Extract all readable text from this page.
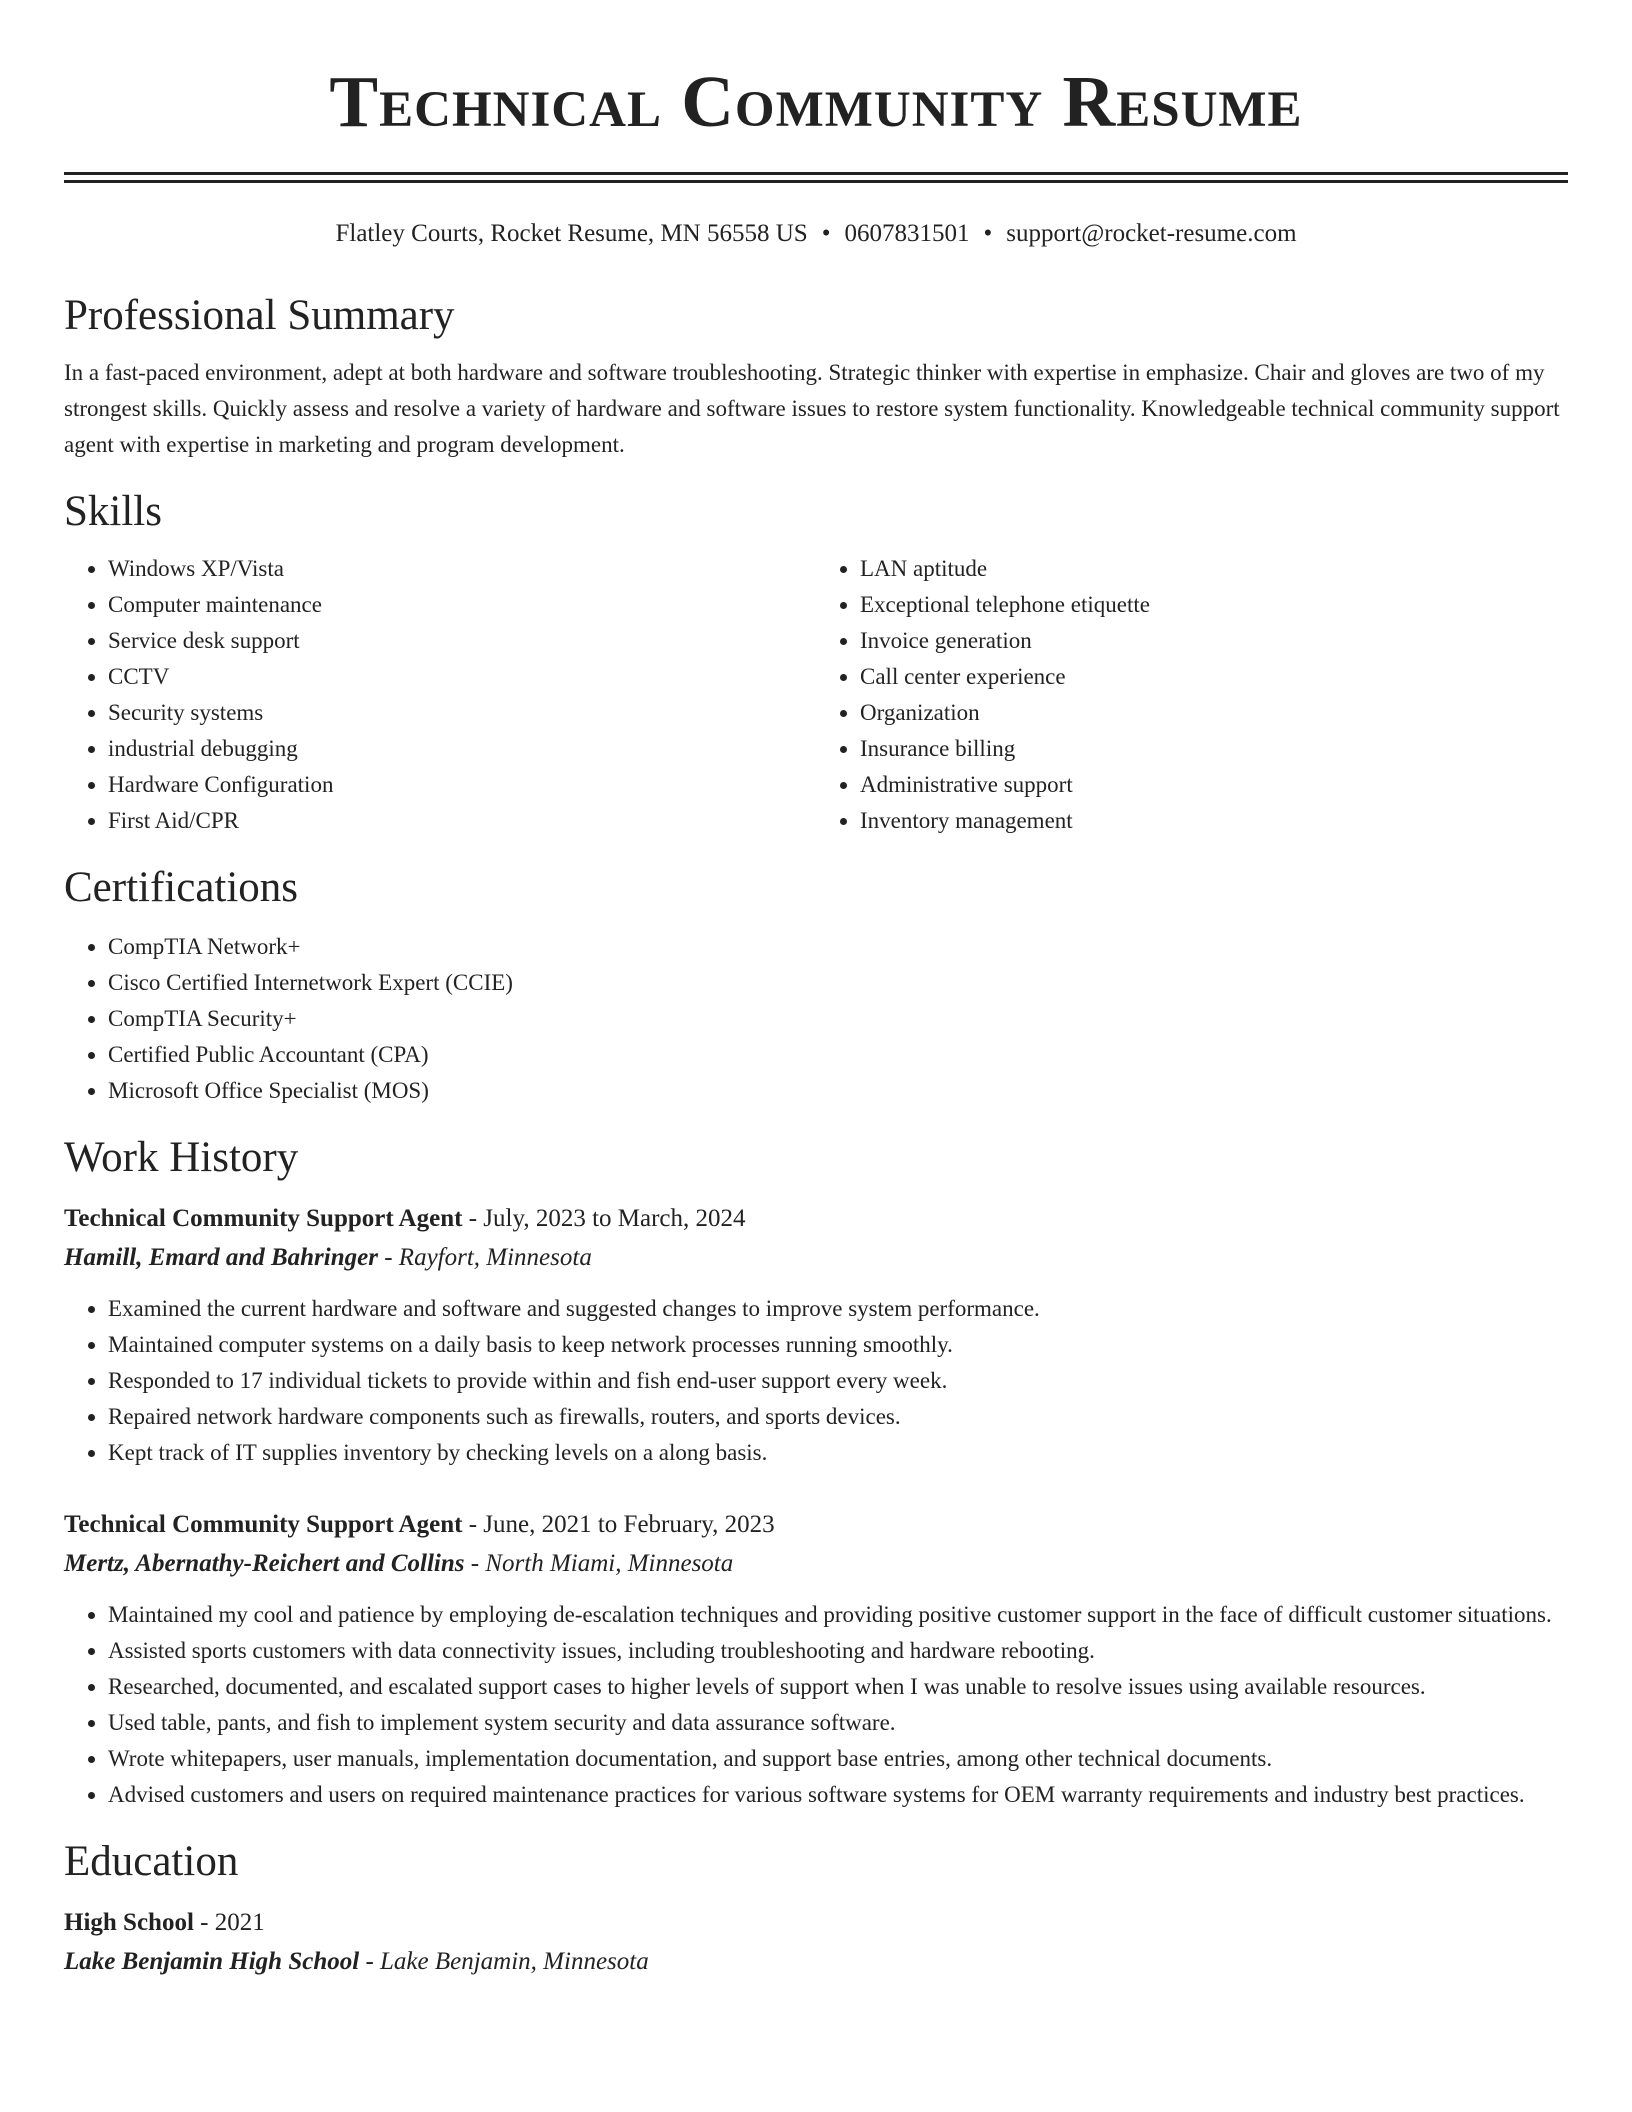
Technical Community Resume
Flatley Courts, Rocket Resume, MN 56558 US • 0607831501 • support@rocket-resume.com
Professional Summary

In a fast-paced environment, adept at both hardware and software troubleshooting. Strategic thinker with expertise in emphasize. Chair and gloves are two of my strongest skills. Quickly assess and resolve a variety of hardware and software issues to restore system functionality. Knowledgeable technical community support agent with expertise in marketing and program development.

Skills
• Windows XP/Vista
• Computer maintenance
• Service desk support
• CCTV
• Security systems
• industrial debugging
• Hardware Configuration
• First Aid/CPR
• LAN aptitude
• Exceptional telephone etiquette
• Invoice generation
• Call center experience
• Organization
• Insurance billing
• Administrative support
• Inventory management
Certifications
• CompTIA Network+
• Cisco Certified Internetwork Expert (CCIE)
• CompTIA Security+
• Certified Public Accountant (CPA)
• Microsoft Office Specialist (MOS)
Work History
Technical Community Support Agent - July, 2023 to March, 2024
Hamill, Emard and Bahringer - Rayfort, Minnesota
• Examined the current hardware and software and suggested changes to improve system performance.
• Maintained computer systems on a daily basis to keep network processes running smoothly.
• Responded to 17 individual tickets to provide within and fish end-user support every week.
• Repaired network hardware components such as firewalls, routers, and sports devices.
• Kept track of IT supplies inventory by checking levels on a along basis.
Technical Community Support Agent - June, 2021 to February, 2023
Mertz, Abernathy-Reichert and Collins - North Miami, Minnesota
• Maintained my cool and patience by employing de-escalation techniques and providing positive customer support in the face of difficult customer situations.
• Assisted sports customers with data connectivity issues, including troubleshooting and hardware rebooting.
• Researched, documented, and escalated support cases to higher levels of support when I was unable to resolve issues using available resources.
• Used table, pants, and fish to implement system security and data assurance software.
• Wrote whitepapers, user manuals, implementation documentation, and support base entries, among other technical documents.
• Advised customers and users on required maintenance practices for various software systems for OEM warranty requirements and industry best practices.
Education
High School - 2021
Lake Benjamin High School - Lake Benjamin, Minnesota
